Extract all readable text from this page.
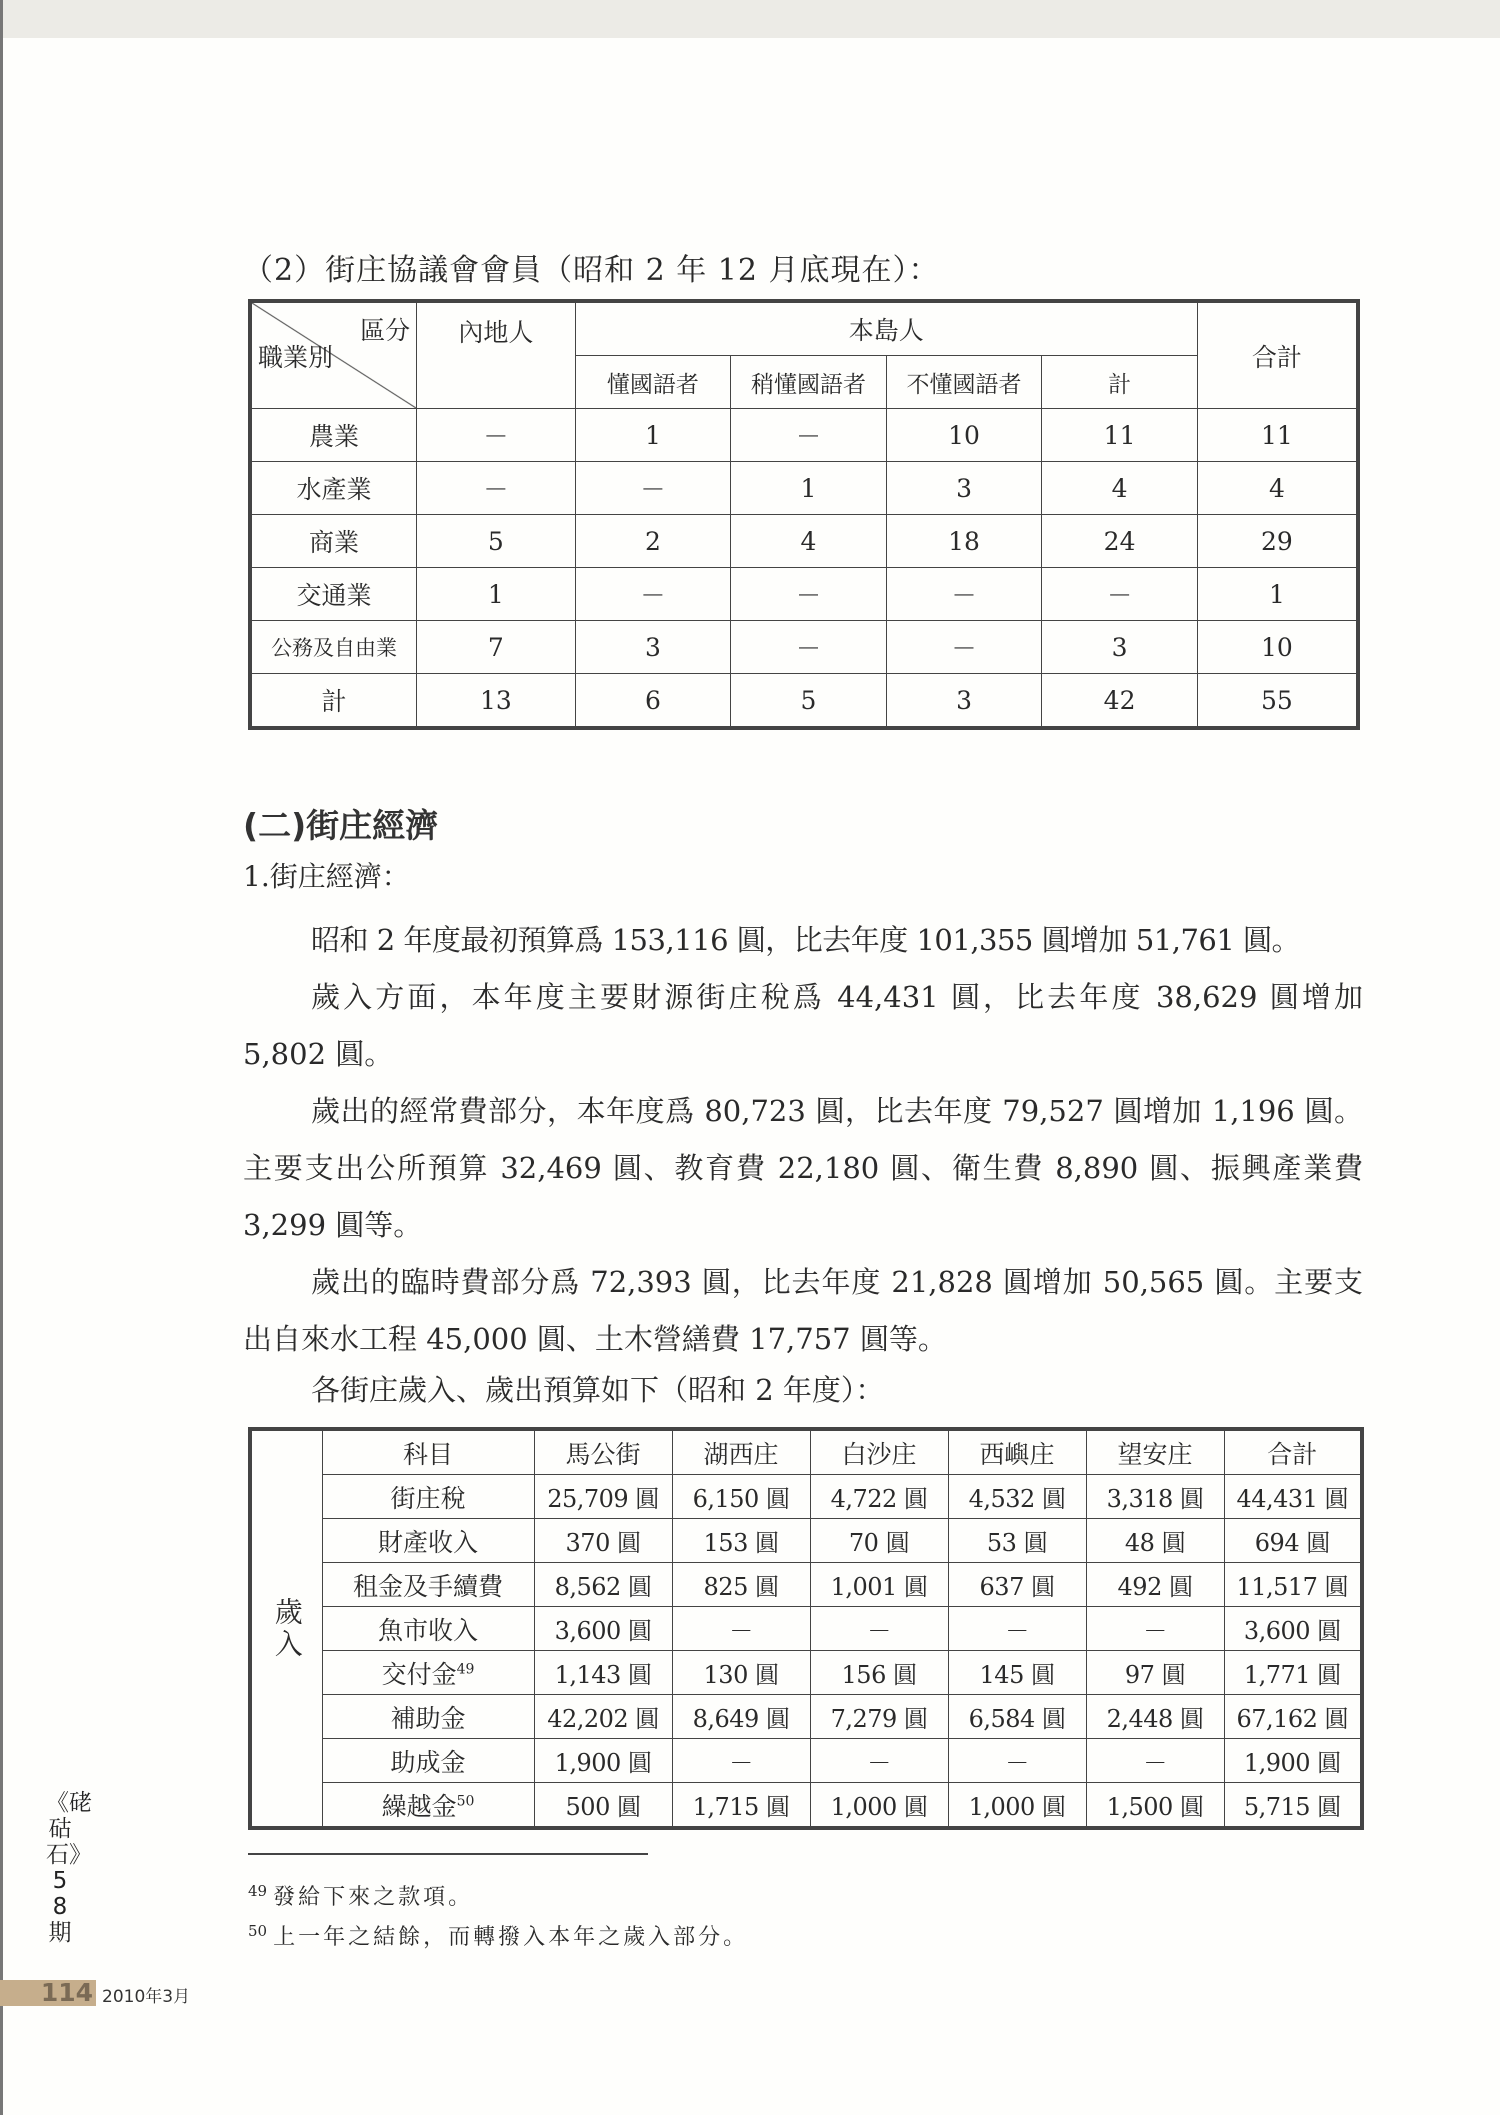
（2）街庄協議會會員（昭和 2 年 12 月底現在）：
區分
職業別	內地人	本島人				合計
		懂國語者	稍懂國語者	不懂國語者	計	
農業	－	1	－	10	11	11
水產業	－	－	1	3	4	4
商業	5	2	4	18	24	29
交通業	1	－	－	－	－	1
公務及自由業	7	3	－	－	3	10
計	13	6	5	3	42	55
(二)街庄經濟
1.街庄經濟：
昭和 2 年度最初預算爲 153,116 圓，比去年度 101,355 圓增加 51,761 圓。
歲入方面，本年度主要財源街庄稅爲 44,431 圓，比去年度 38,629 圓增加 5,802 圓。
歲出的經常費部分，本年度爲 80,723 圓，比去年度 79,527 圓增加 1,196 圓。主要支出公所預算 32,469 圓、教育費 22,180 圓、衛生費 8,890 圓、振興產業費 3,299 圓等。
歲出的臨時費部分爲 72,393 圓，比去年度 21,828 圓增加 50,565 圓。主要支出自來水工程 45,000 圓、土木營繕費 17,757 圓等。
各街庄歲入、歲出預算如下（昭和 2 年度）：
歲入	科目	馬公街	湖西庄	白沙庄	西嶼庄	望安庄	合計
	街庄稅	25,709 圓	6,150 圓	4,722 圓	4,532 圓	3,318 圓	44,431 圓
	財產收入	370 圓	153 圓	70 圓	53 圓	48 圓	694 圓
	租金及手續費	8,562 圓	825 圓	1,001 圓	637 圓	492 圓	11,517 圓
	魚市收入	3,600 圓	－	－	－	－	3,600 圓
	交付金$^{49}$	1,143 圓	130 圓	156 圓	145 圓	97 圓	1,771 圓
	補助金	42,202 圓	8,649 圓	7,279 圓	6,584 圓	2,448 圓	67,162 圓
	助成金	1,900 圓	－	－	－	－	1,900 圓
	繰越金$^{50}$	500 圓	1,715 圓	1,000 圓	1,000 圓	1,500 圓	5,715 圓
$^{49}$ 發給下來之款項。
$^{50}$ 上一年之結餘，而轉撥入本年之歲入部分。
《硓𥑮石》58期
114 2010年3月
